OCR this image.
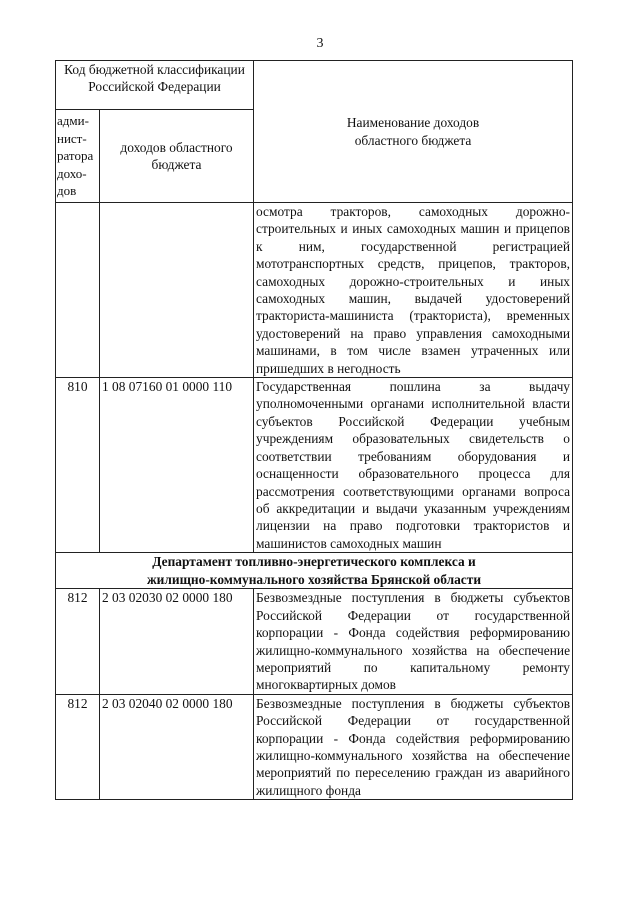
3
Код бюджетной классификации Российской Федерации		Наименование доходов областного бюджета

адми-нист-ратора дохо-дов	доходов областного бюджета	

		осмотра тракторов, самоходных дорожно-строительных и иных самоходных машин и прицепов к ним, государственной регистрацией мототранспортных средств, прицепов, тракторов, самоходных дорожно-строительных и иных самоходных машин, выдачей удостоверений тракториста-машиниста (тракториста), временных удостоверений на право управления самоходными машинами, в том числе взамен утраченных или пришедших в негодность
810	1 08 07160 01 0000 110	Государственная пошлина за выдачу уполномоченными органами исполнительной власти субъектов Российской Федерации учебным учреждениям образовательных свидетельств о соответствии требованиям оборудования и оснащенности образовательного процесса для рассмотрения соответствующими органами вопроса об аккредитации и выдачи указанным учреждениям лицензии на право подготовки трактористов и машинистов самоходных машин

Департамент топливно-энергетического комплекса и жилищно-коммунального хозяйства Брянской области		

812	2 03 02030 02 0000 180	Безвозмездные поступления в бюджеты субъектов Российской Федерации от государственной корпорации - Фонда содействия реформированию жилищно-коммунального хозяйства на обеспечение мероприятий по капитальному ремонту многоквартирных домов
812	2 03 02040 02 0000 180	Безвозмездные поступления в бюджеты субъектов Российской Федерации от государственной корпорации - Фонда содействия реформированию жилищно-коммунального хозяйства на обеспечение мероприятий по переселению граждан из аварийного жилищного фонда
